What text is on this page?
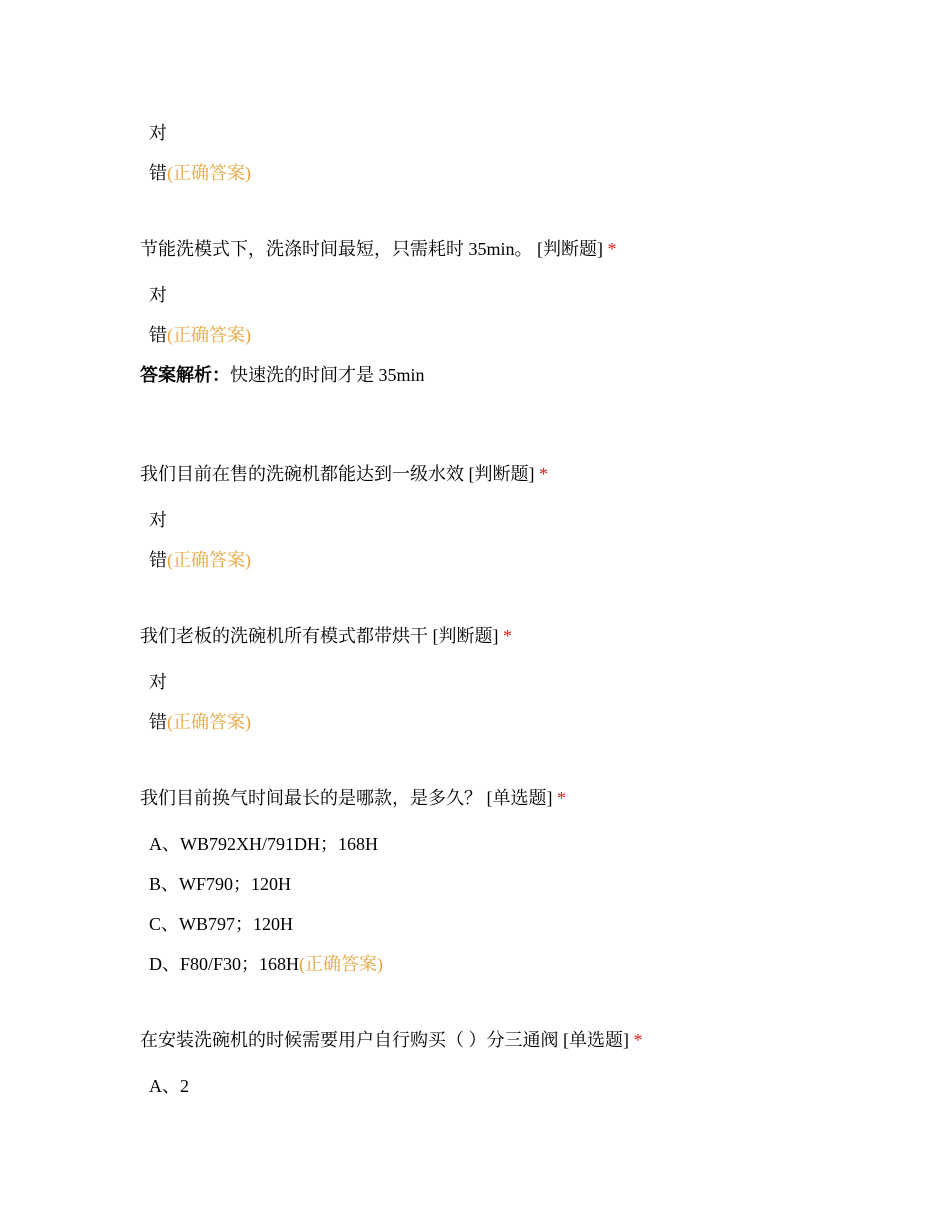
对
错(正确答案)
节能洗模式下，洗涤时间最短，只需耗时 35min。 [判断题] *
对
错(正确答案)
答案解析：快速洗的时间才是 35min
我们目前在售的洗碗机都能达到一级水效 [判断题] *
对
错(正确答案)
我们老板的洗碗机所有模式都带烘干 [判断题] *
对
错(正确答案)
我们目前换气时间最长的是哪款，是多久？ [单选题] *
A、WB792XH/791DH；168H
B、WF790；120H
C、WB797；120H
D、F80/F30；168H(正确答案)
在安装洗碗机的时候需要用户自行购买（ ）分三通阀 [单选题] *
A、2
